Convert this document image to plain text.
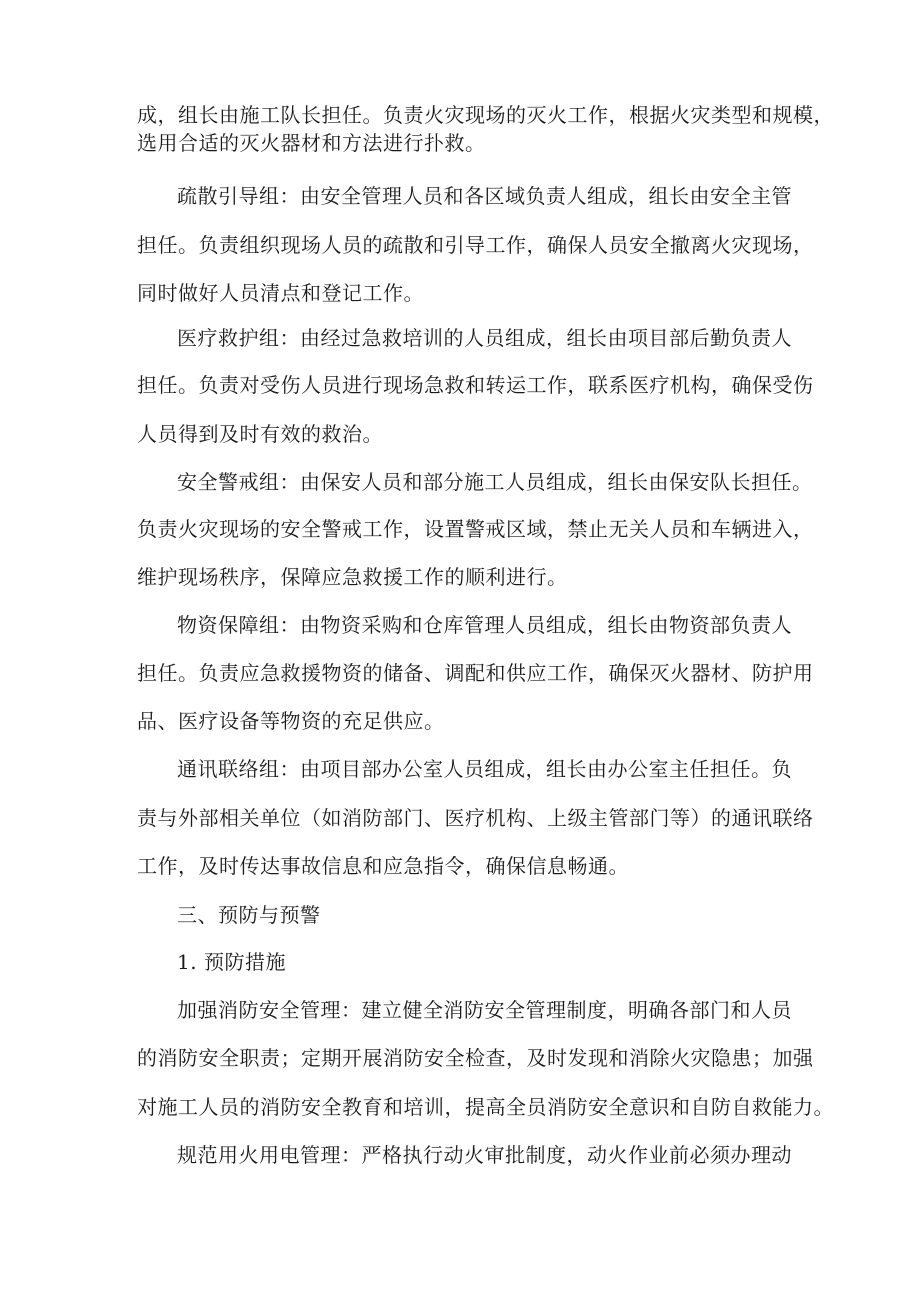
成，组长由施工队长担任。负责火灾现场的灭火工作，根据火灾类型和规模，
选用合适的灭火器材和方法进行扑救。
疏散引导组：由安全管理人员和各区域负责人组成，组长由安全主管
担任。负责组织现场人员的疏散和引导工作，确保人员安全撤离火灾现场，
同时做好人员清点和登记工作。
医疗救护组：由经过急救培训的人员组成，组长由项目部后勤负责人
担任。负责对受伤人员进行现场急救和转运工作，联系医疗机构，确保受伤
人员得到及时有效的救治。
安全警戒组：由保安人员和部分施工人员组成，组长由保安队长担任。
负责火灾现场的安全警戒工作，设置警戒区域，禁止无关人员和车辆进入，
维护现场秩序，保障应急救援工作的顺利进行。
物资保障组：由物资采购和仓库管理人员组成，组长由物资部负责人
担任。负责应急救援物资的储备、调配和供应工作，确保灭火器材、防护用
品、医疗设备等物资的充足供应。
通讯联络组：由项目部办公室人员组成，组长由办公室主任担任。负
责与外部相关单位（如消防部门、医疗机构、上级主管部门等）的通讯联络
工作，及时传达事故信息和应急指令，确保信息畅通。
三、预防与预警
1. 预防措施
加强消防安全管理：建立健全消防安全管理制度，明确各部门和人员
的消防安全职责；定期开展消防安全检查，及时发现和消除火灾隐患；加强
对施工人员的消防安全教育和培训，提高全员消防安全意识和自防自救能力。
规范用火用电管理：严格执行动火审批制度，动火作业前必须办理动
